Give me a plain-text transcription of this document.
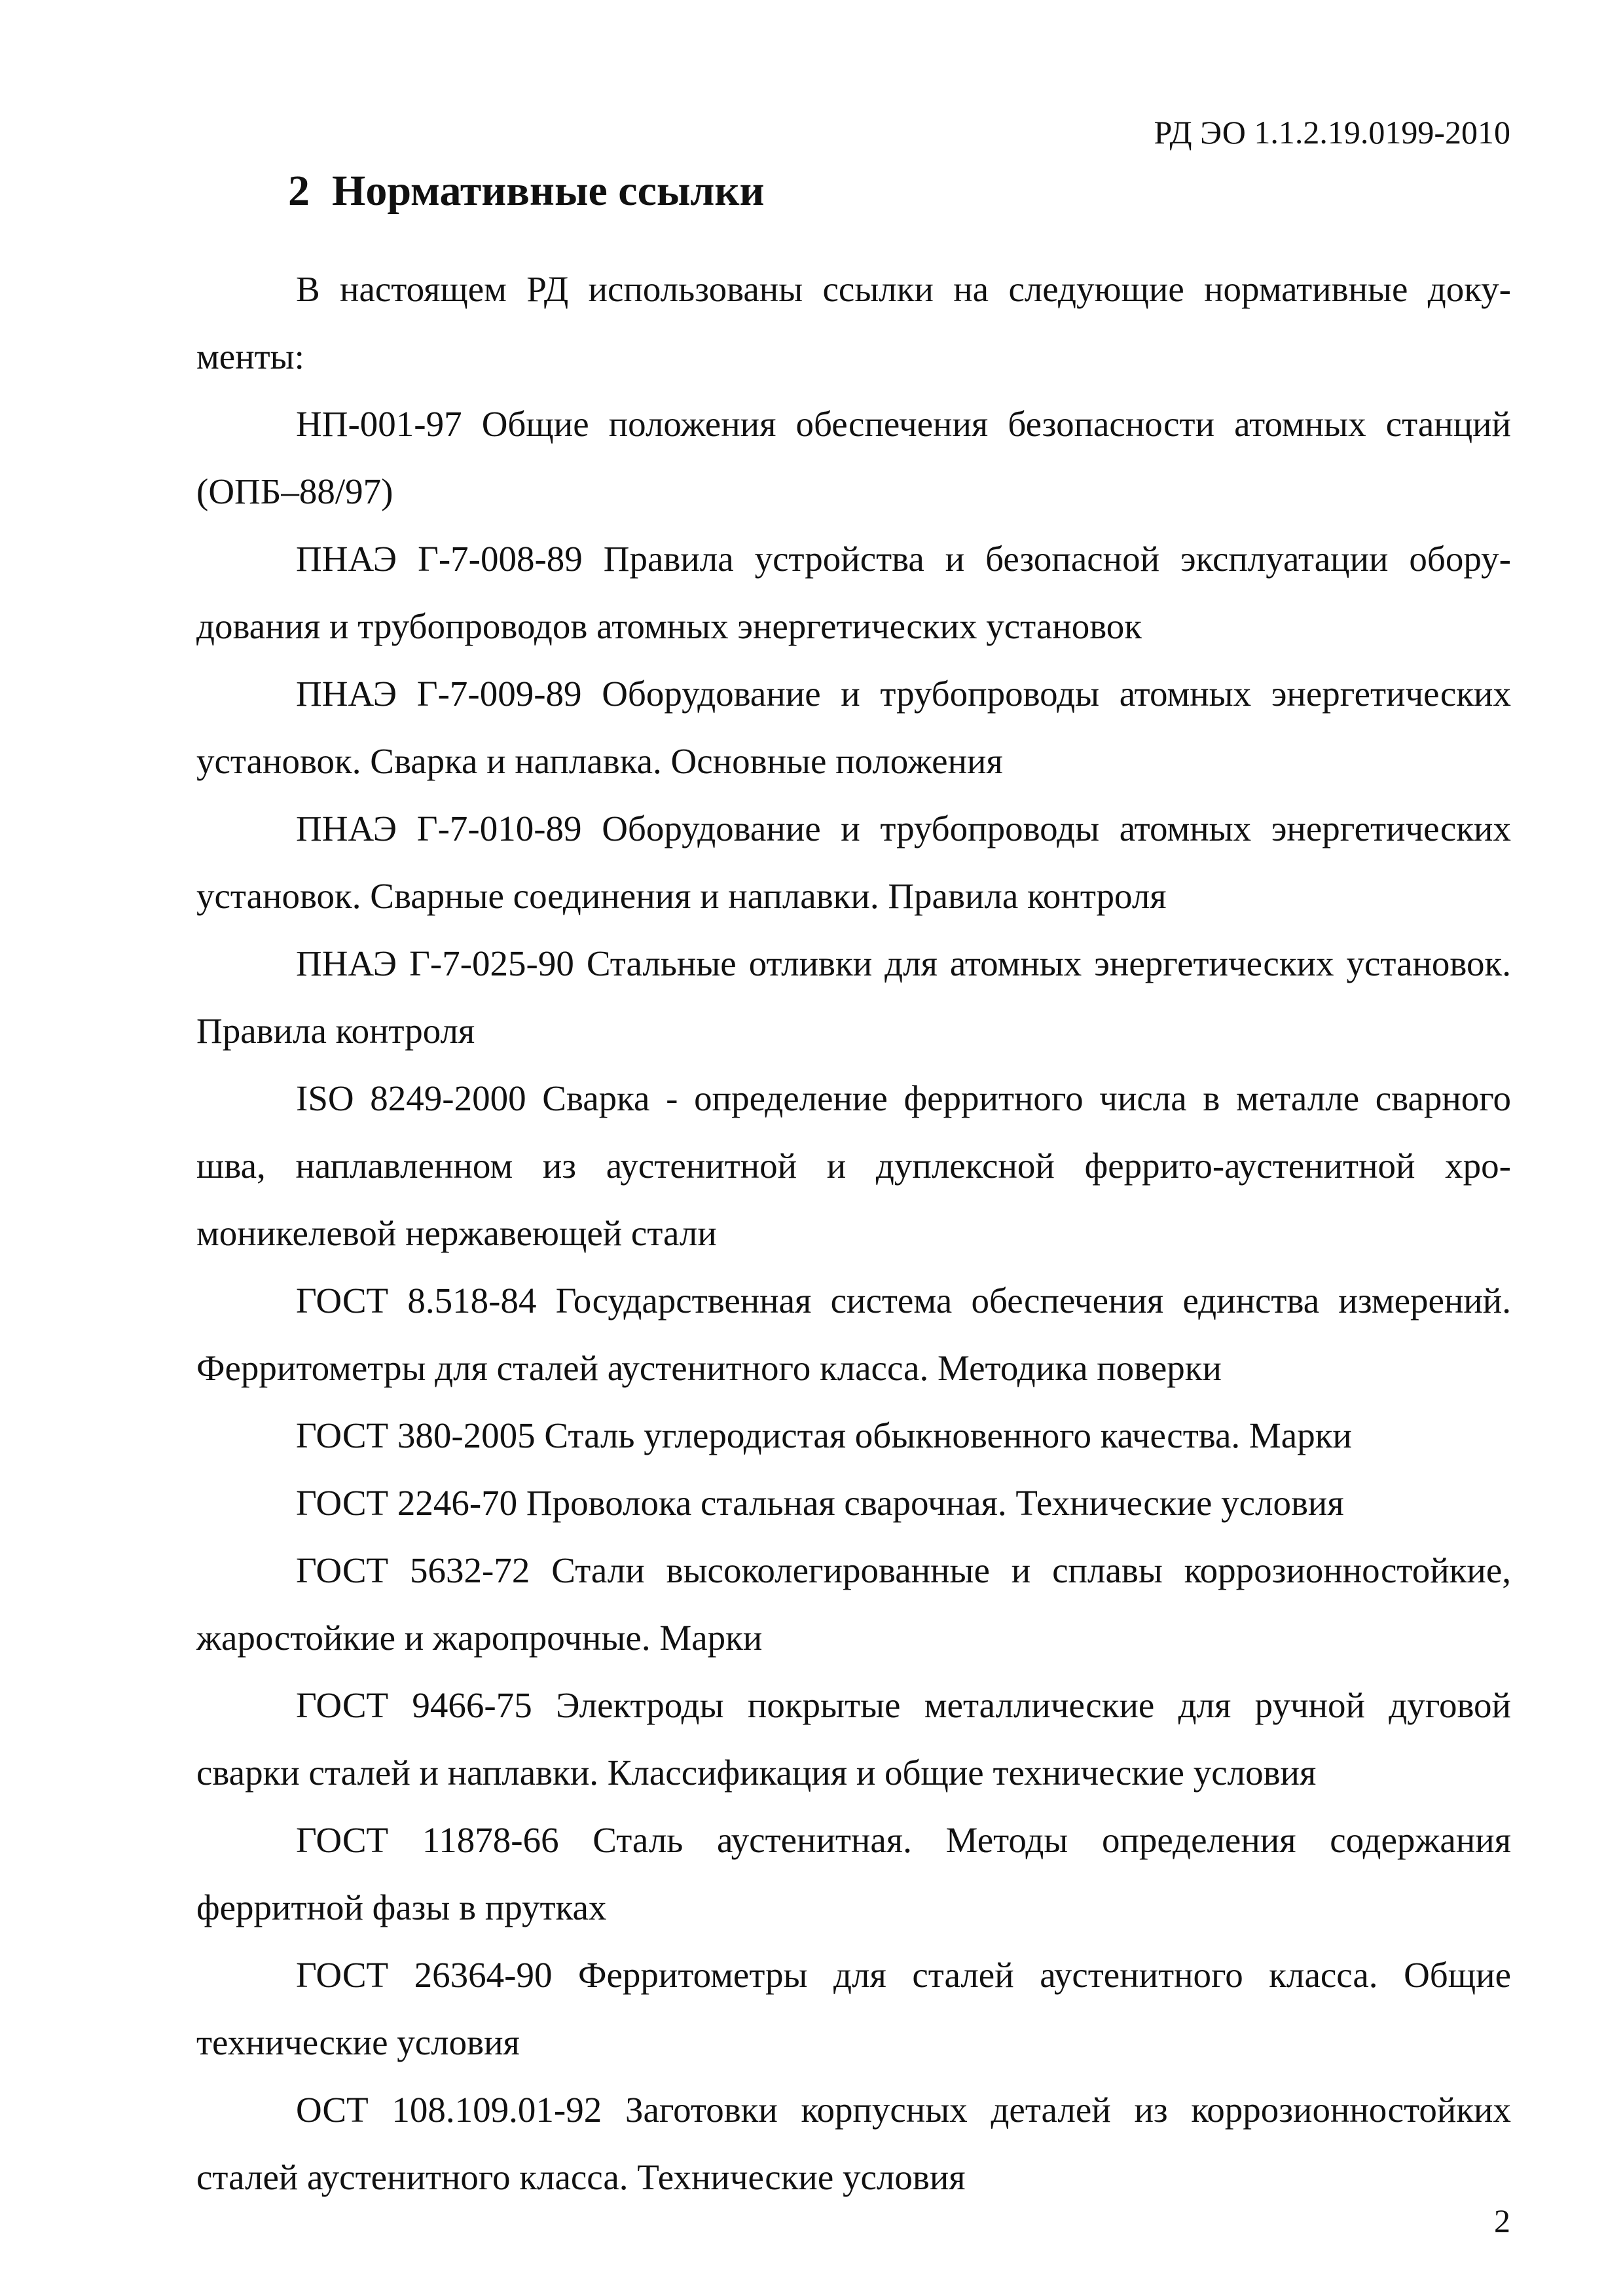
РД ЭО 1.1.2.19.0199-2010
2 Нормативные ссылки

В настоящем РД использованы ссылки на следующие нормативные документы:

НП-001-97 Общие положения обеспечения безопасности атомных станций (ОПБ–88/97)

ПНАЭ Г-7-008-89 Правила устройства и безопасной эксплуатации оборудования и трубопроводов атомных энергетических установок

ПНАЭ Г-7-009-89 Оборудование и трубопроводы атомных энергетических установок. Сварка и наплавка. Основные положения

ПНАЭ Г-7-010-89 Оборудование и трубопроводы атомных энергетических установок. Сварные соединения и наплавки. Правила контроля

ПНАЭ Г-7-025-90 Стальные отливки для атомных энергетических установок. Правила контроля

ISO 8249-2000 Сварка - определение ферритного числа в металле сварного шва, наплавленном из аустенитной и дуплексной феррито-аустенитной хромоникелевой нержавеющей стали

ГОСТ 8.518-84 Государственная система обеспечения единства измерений. Ферритометры для сталей аустенитного класса. Методика поверки

ГОСТ 380-2005 Сталь углеродистая обыкновенного качества. Марки

ГОСТ 2246-70 Проволока стальная сварочная. Технические условия

ГОСТ 5632-72 Стали высоколегированные и сплавы коррозионностойкие, жаростойкие и жаропрочные. Марки

ГОСТ 9466-75 Электроды покрытые металлические для ручной дуговой сварки сталей и наплавки. Классификация и общие технические условия

ГОСТ 11878-66 Сталь аустенитная. Методы определения содержания ферритной фазы в прутках

ГОСТ 26364-90 Ферритометры для сталей аустенитного класса. Общие технические условия

ОСТ 108.109.01-92 Заготовки корпусных деталей из коррозионностойких сталей аустенитного класса. Технические условия

2
